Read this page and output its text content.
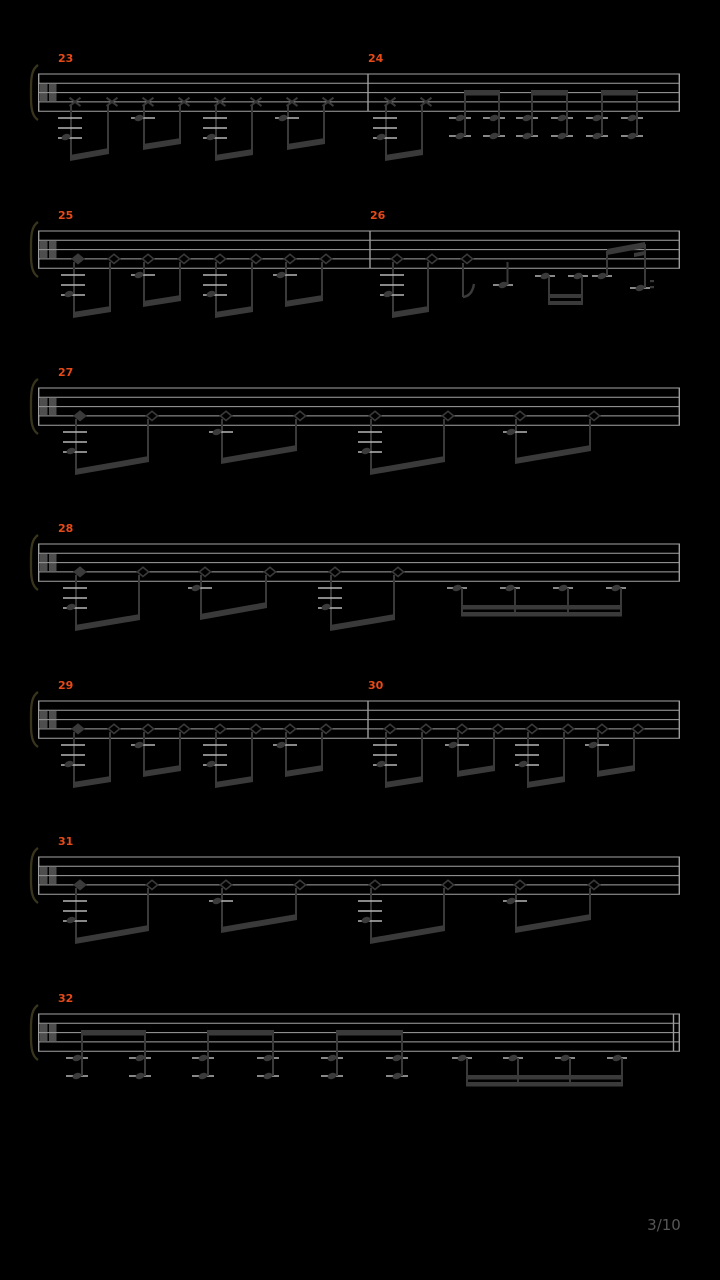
23	24
25	26
27
28
29	30
31
32
3/10
